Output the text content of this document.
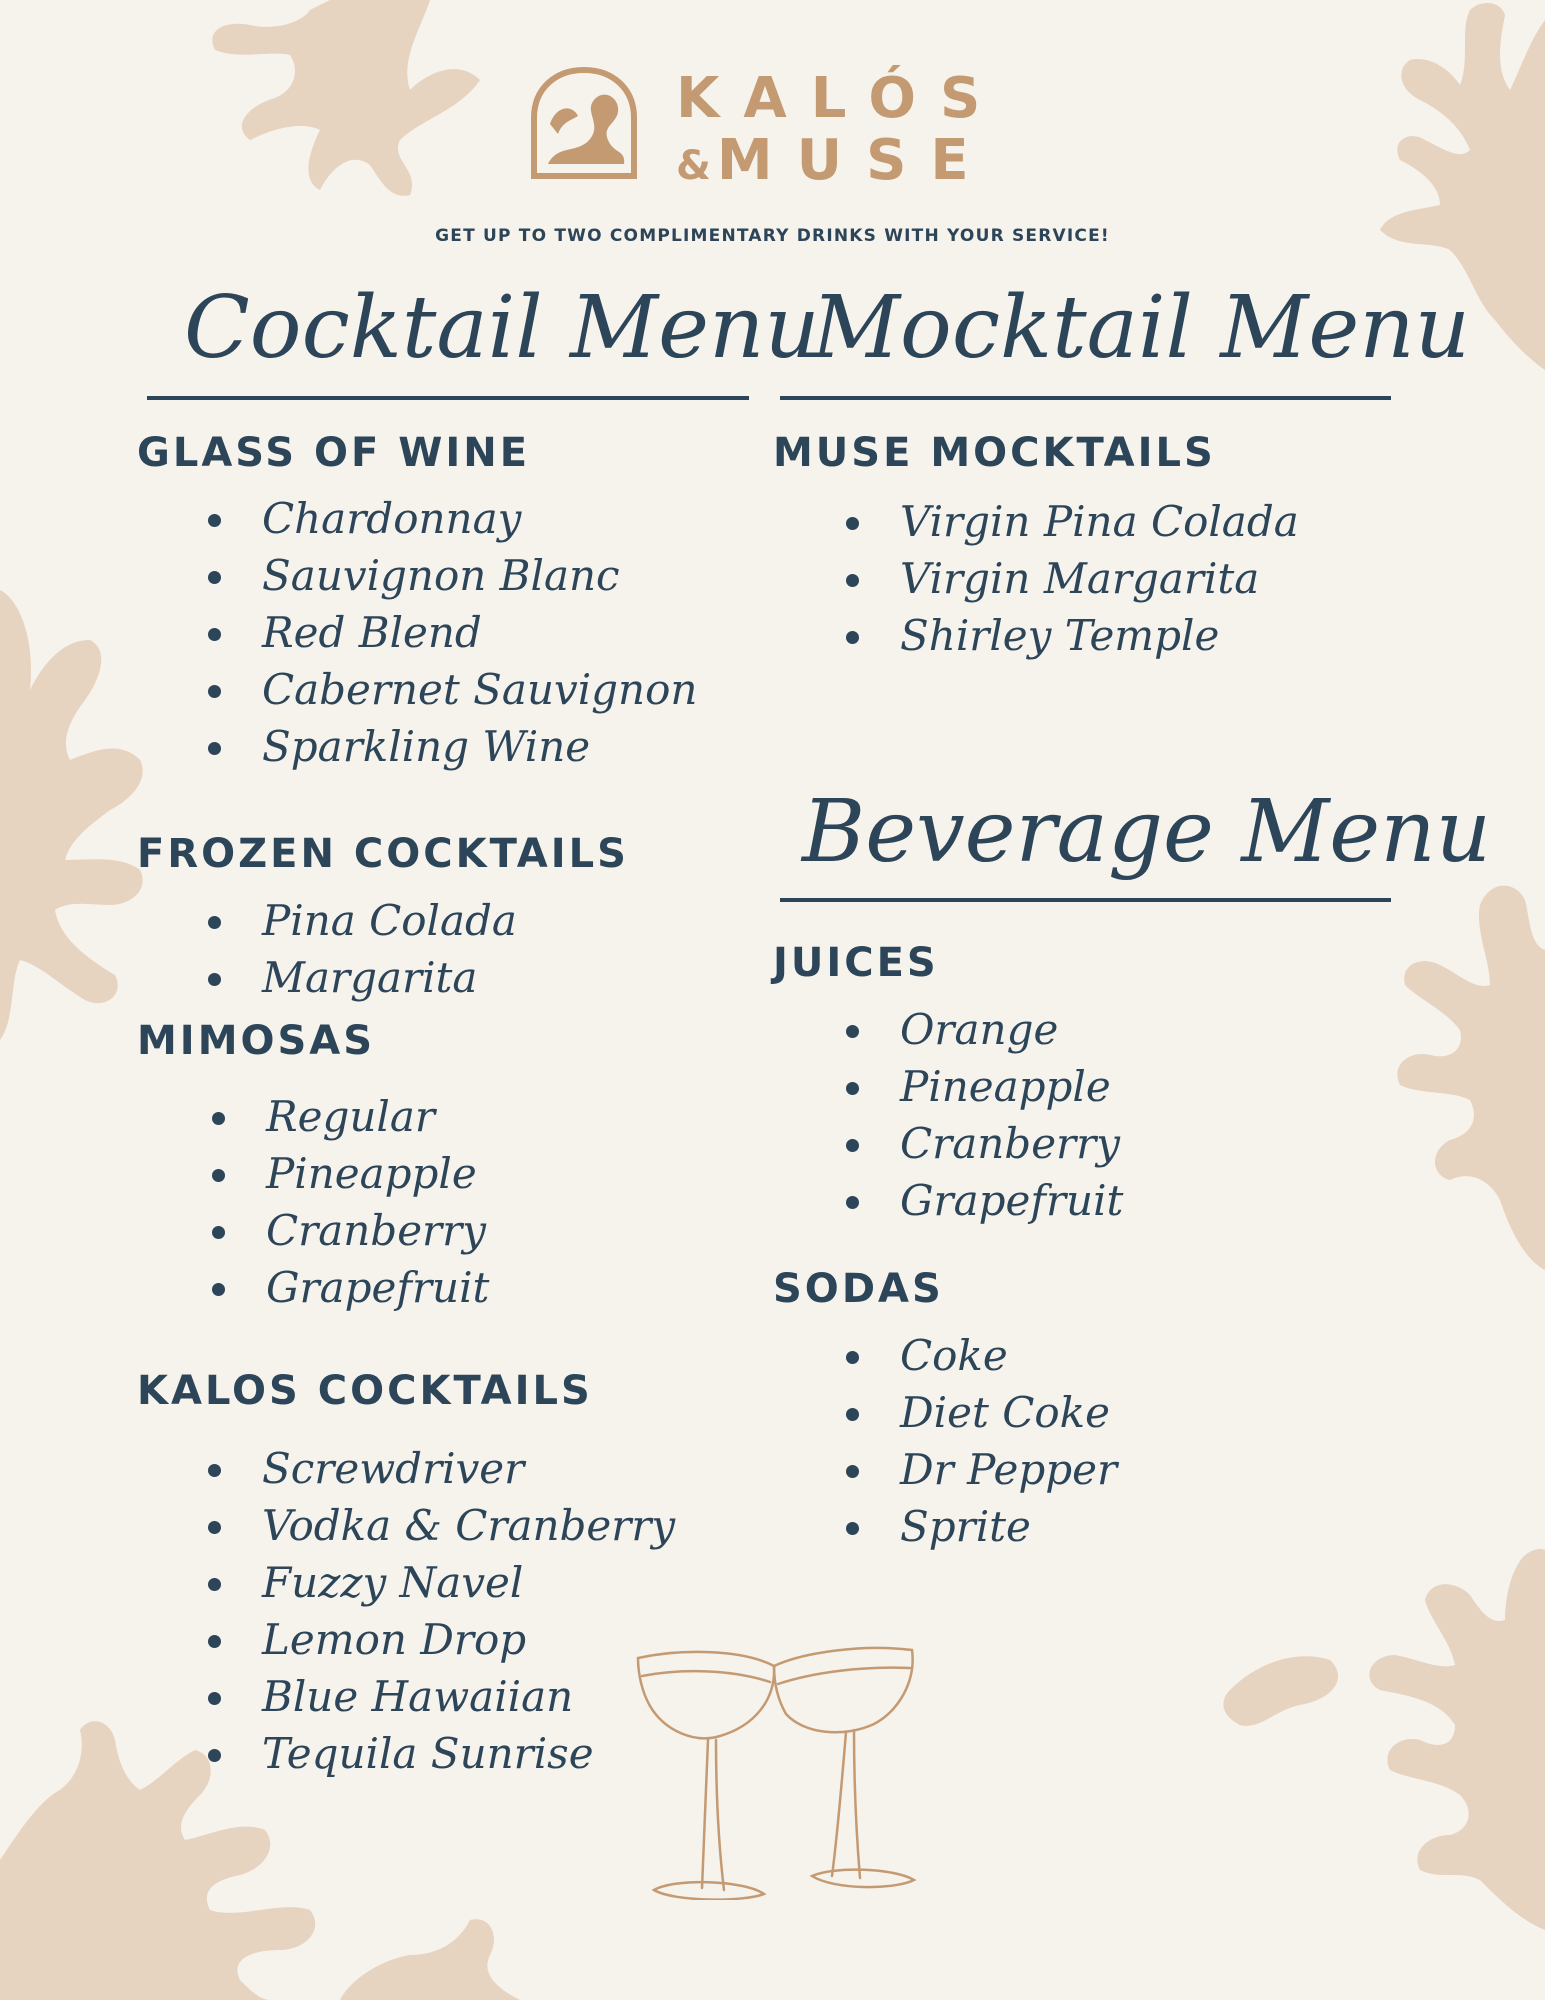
KALÓS
&MUSE
GET UP TO TWO COMPLIMENTARY DRINKS WITH YOUR SERVICE!
Cocktail Menu
GLASS OF WINE
Chardonnay
Sauvignon Blanc
Red Blend
Cabernet Sauvignon
Sparkling Wine
FROZEN COCKTAILS
Pina Colada
Margarita
MIMOSAS
Regular
Pineapple
Cranberry
Grapefruit
KALOS COCKTAILS
Screwdriver
Vodka & Cranberry
Fuzzy Navel
Lemon Drop
Blue Hawaiian
Tequila Sunrise
Mocktail Menu
MUSE MOCKTAILS
Virgin Pina Colada
Virgin Margarita
Shirley Temple
Beverage Menu
JUICES
Orange
Pineapple
Cranberry
Grapefruit
SODAS
Coke
Diet Coke
Dr Pepper
Sprite
